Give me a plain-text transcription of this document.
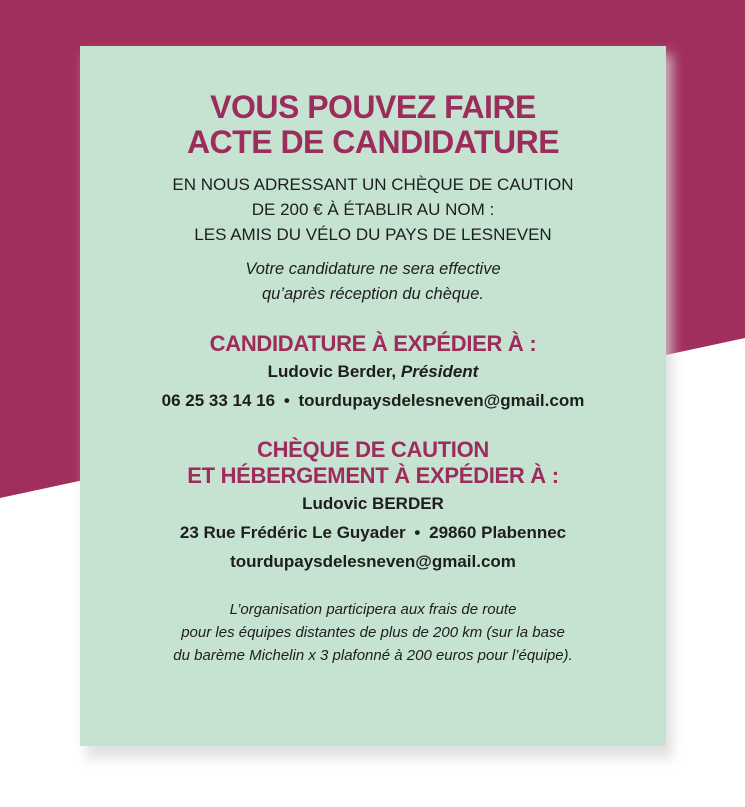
VOUS POUVEZ FAIRE
ACTE DE CANDIDATURE
EN NOUS ADRESSANT UN CHÈQUE DE CAUTION
DE 200 € À ÉTABLIR AU NOM :
LES AMIS DU VÉLO DU PAYS DE LESNEVEN
Votre candidature ne sera effective
qu’après réception du chèque.
CANDIDATURE À EXPÉDIER À :
Ludovic Berder, Président
06 25 33 14 16 • tourdupaysdelesneven@gmail.com
CHÈQUE DE CAUTION
ET HÉBERGEMENT À EXPÉDIER À :
Ludovic BERDER
23 Rue Frédéric Le Guyader • 29860 Plabennec
tourdupaysdelesneven@gmail.com
L’organisation participera aux frais de route
pour les équipes distantes de plus de 200 km (sur la base
du barème Michelin x 3 plafonné à 200 euros pour l’équipe).
